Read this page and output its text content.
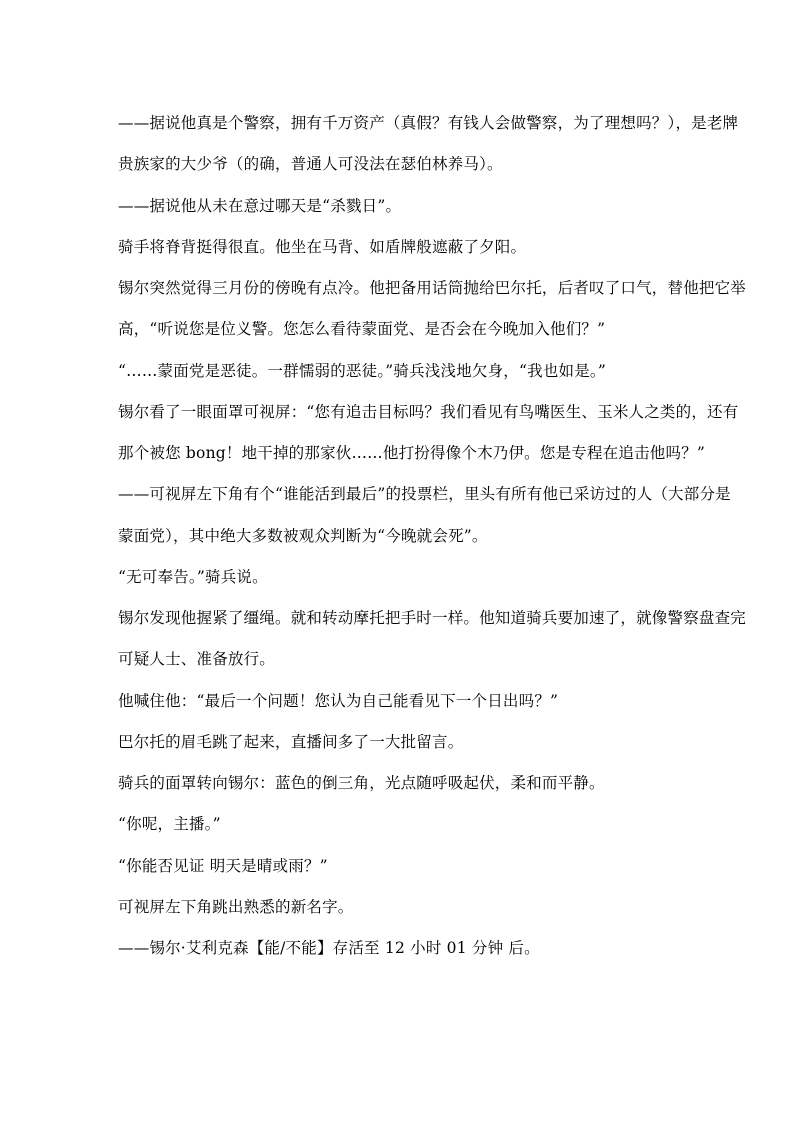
——据说他真是个警察，拥有千万资产（真假？有钱人会做警察，为了理想吗？），是老牌
贵族家的大少爷（的确，普通人可没法在瑟伯林养马）。

——据说他从未在意过哪天是“杀戮日”。

骑手将脊背挺得很直。他坐在马背、如盾牌般遮蔽了夕阳。

锡尔突然觉得三月份的傍晚有点冷。他把备用话筒抛给巴尔托，后者叹了口气，替他把它举
高，“听说您是位义警。您怎么看待蒙面党、是否会在今晚加入他们？”

“……蒙面党是恶徒。一群懦弱的恶徒。”骑兵浅浅地欠身，“我也如是。”

锡尔看了一眼面罩可视屏：“您有追击目标吗？我们看见有鸟嘴医生、玉米人之类的，还有
那个被您 bong！地干掉的那家伙……他打扮得像个木乃伊。您是专程在追击他吗？”

——可视屏左下角有个“谁能活到最后”的投票栏，里头有所有他已采访过的人（大部分是
蒙面党），其中绝大多数被观众判断为“今晚就会死”。

“无可奉告。”骑兵说。

锡尔发现他握紧了缰绳。就和转动摩托把手时一样。他知道骑兵要加速了，就像警察盘查完
可疑人士、准备放行。

他喊住他：“最后一个问题！您认为自己能看见下一个日出吗？”

巴尔托的眉毛跳了起来，直播间多了一大批留言。

骑兵的面罩转向锡尔：蓝色的倒三角，光点随呼吸起伏，柔和而平静。

“你呢，主播。”

“你能否见证 明天是晴或雨？”

可视屏左下角跳出熟悉的新名字。

——锡尔·艾利克森【能/不能】存活至 12 小时 01 分钟 后。
